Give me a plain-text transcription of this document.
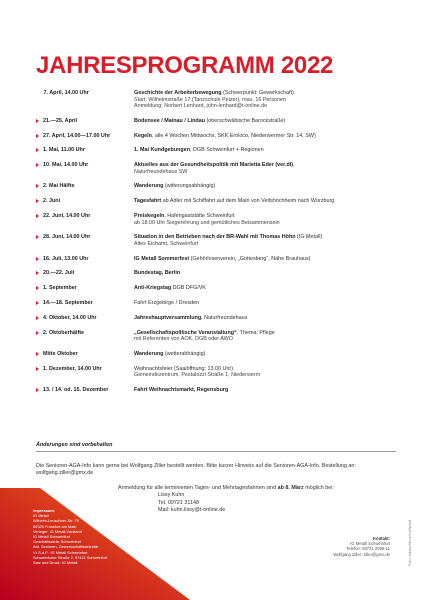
JAHRESPROGRAMM 2022
7. April, 14.00 Uhr	Geschichte der Arbeiterbewegung (Schwerpunkt: Gewerkschaft)
Start: Wilhelmstraße 17 (Tanzschule Peizer), max. 16 Personen
Anmeldung: Norbert Lenhard, john-lenhard@t-online.de
21.—25. April	Bodensee / Mainau / Lindau (oberschwäbische Barockstraße)
27. April, 14.00—17.00 Uhr	Kegeln, alle 4 Wochen Mittwochs, SKK Eroloco, Niederwerrner Str. 14, SW)
1. Mai, 11.00 Uhr	1. Mai Kundgebungen, DGB Schweinfurt + Regionen
10. Mai, 14.00 Uhr	Aktuelles aus der Gesundheitspolitik mit Marietta Eder (ver.di),
Naturfreundehaus SW
2. Mai Hälfte	Wanderung (witterungsabhängig)
2. Juni	Tagesfahrt ab Adler mit Schiffahrt auf dem Main von Veitshöchheim nach Würzburg
22. Juni, 14.00 Uhr	Preiskegeln, Hafengaststätte Schweinfurt
ab 18.00 Uhr Siegerehrung und gemütliches Beisammensein
28. Juni, 14.00 Uhr	Situation in den Betrieben nach der BR-Wahl mit Thomas Höhn (IG Metall)
Altes Eichamt, Schweinfurt
16. Juli, 13.00 Uhr	IG Metall Sommerfest (Gehörlosenverein, „Gottesberg“, Nähe Brauhaus)
20.—22. Juli	Bundestag, Berlin
1. September	Anti-Kriegstag DGB DFG/VK
14.—18. September	Fahrt Erzgebirge / Dresden
4. Oktober, 14.00 Uhr	Jahreshauptversammlung, Naturfreundehaus
2. Oktoberhälfte	„Gesellschaftspolitische Veranstaltung“, Thema: Pflege
mit Referenten von AOK, DGB oder AWO
Mitte Oktober	Wanderung (wetterabhängig)
1. Dezember, 14.00 Uhr	Weihnachtsfeier (Saalöffnung: 13.00 Uhr)
Gemeindezentrum, Pestalozzi Straße 1, Niederwerrn
13. / 14. od. 15. Dezember	Fahrt Weihnachtsmarkt, Regensburg
Änderungen sind vorbehalten
Die Senioren-AGA-Info kann gerne bei Wolfgang Ziller bestellt werden. Bitte kurzer Hinweis auf die Senioren-AGA-Info. Bestellung an: wolfgang.ziller@gmx.de
Anmeldung für alle terminierten Tages- und Mehrtagesfahrten sind ab 8. März möglich bei:
Lissy Kuhn
Tel. 09721 31148
Mail: kuhn.lissy@t-online.de
Kontakt:
IG Metall Schweinfurt
Telefon: 09721 2096-11
Wolfgang Ziller: ziller@gmx.de	Foto: AdobeStock/Halfpoint
Impressum:
IG Metall
Wilhelm-Leuschner-Str. 79
60329 Frankfurt am Main
Verleger: IG Metall-Vorstand
IG Metall Schweinfurt
Geschäftsstelle Schweinfurt
Abt. Senioren, Gewerkschaftssekretär
V.i.S.d.P.: IG Metall Schweinfurt
Schweinfurter Straße 2, 97421 Schweinfurt
Satz und Druck: IG Metall
